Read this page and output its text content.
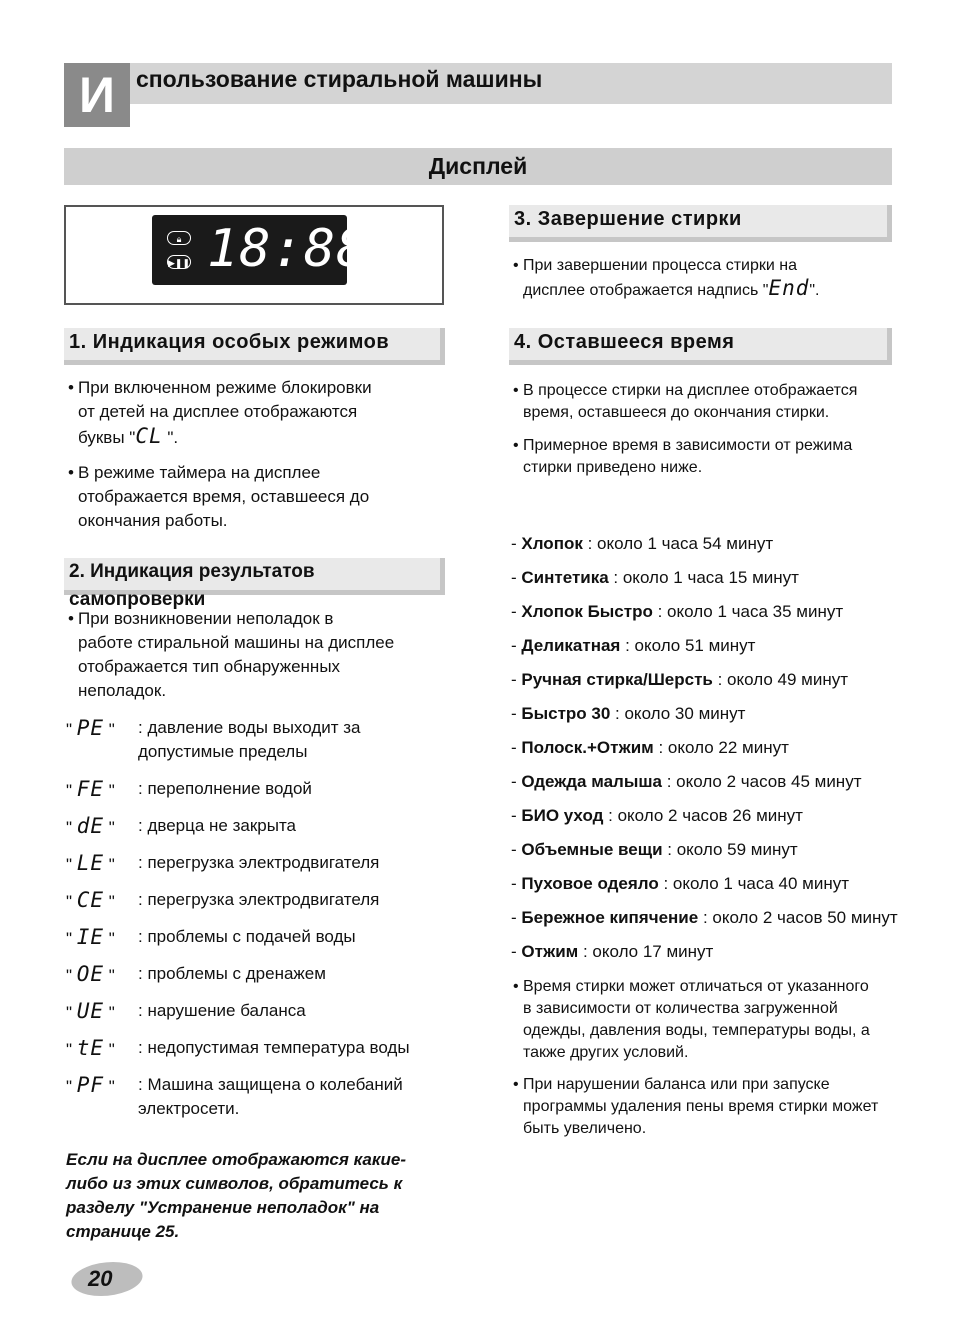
И спользование стиральной машины
Дисплей
🔒︎
▶❚❚ 18:88
1. Индикация особых режимов
• При включенном режиме блокировки
от детей на дисплее отображаются
буквы "CL ".
• В режиме таймера на дисплее
отображается время, оставшееся до
окончания работы.
2. Индикация результатов самопроверки
• При возникновении неполадок в
работе стиральной машины на дисплее
отображается тип обнаруженных
неполадок.
" PE " : давление воды выходит за
допустимые пределы
" FE " : переполнение водой
" dE " : дверца не закрыта
" LE " : перегрузка электродвигателя
" CE " : перегрузка электродвигателя
" IE " : проблемы с подачей воды
" OE " : проблемы с дренажем
" UE " : нарушение баланса
" tE " : недопустимая температура воды
" PF " : Машина защищена о колебаний
электросети.
Если на дисплее отображаются какие-
либо из этих символов, обратитесь к
разделу "Устранение неполадок" на
странице 25.
3. Завершение стирки
• При завершении процесса стирки на
дисплее отображается надпись "End".
4. Оставшееся время
• В процессе стирки на дисплее отображается
время, оставшееся до окончания стирки.
• Примерное время в зависимости от режима
стирки приведено ниже.
- Хлопок : около 1 часа 54 минут
- Синтетика : около 1 часа 15 минут
- Хлопок Быстро : около 1 часа 35 минут
- Деликатная : около 51 минут
- Ручная стирка/Шерсть : около 49 минут
- Быстро 30 : около 30 минут
- Полоск.+Отжим : около 22 минут
- Одежда малыша : около 2 часов 45 минут
- БИО уход : около 2 часов 26 минут
- Объемные вещи : около 59 минут
- Пуховое одеяло : около 1 часа 40 минут
- Бережное кипячение : около 2 часов 50 минут
- Отжим : около 17 минут
• Время стирки может отличаться от указанного
в зависимости от количества загруженной
одежды, давления воды, температуры воды, а
также других условий.
• При нарушении баланса или при запуске
программы удаления пены время стирки может
быть увеличено.
20
